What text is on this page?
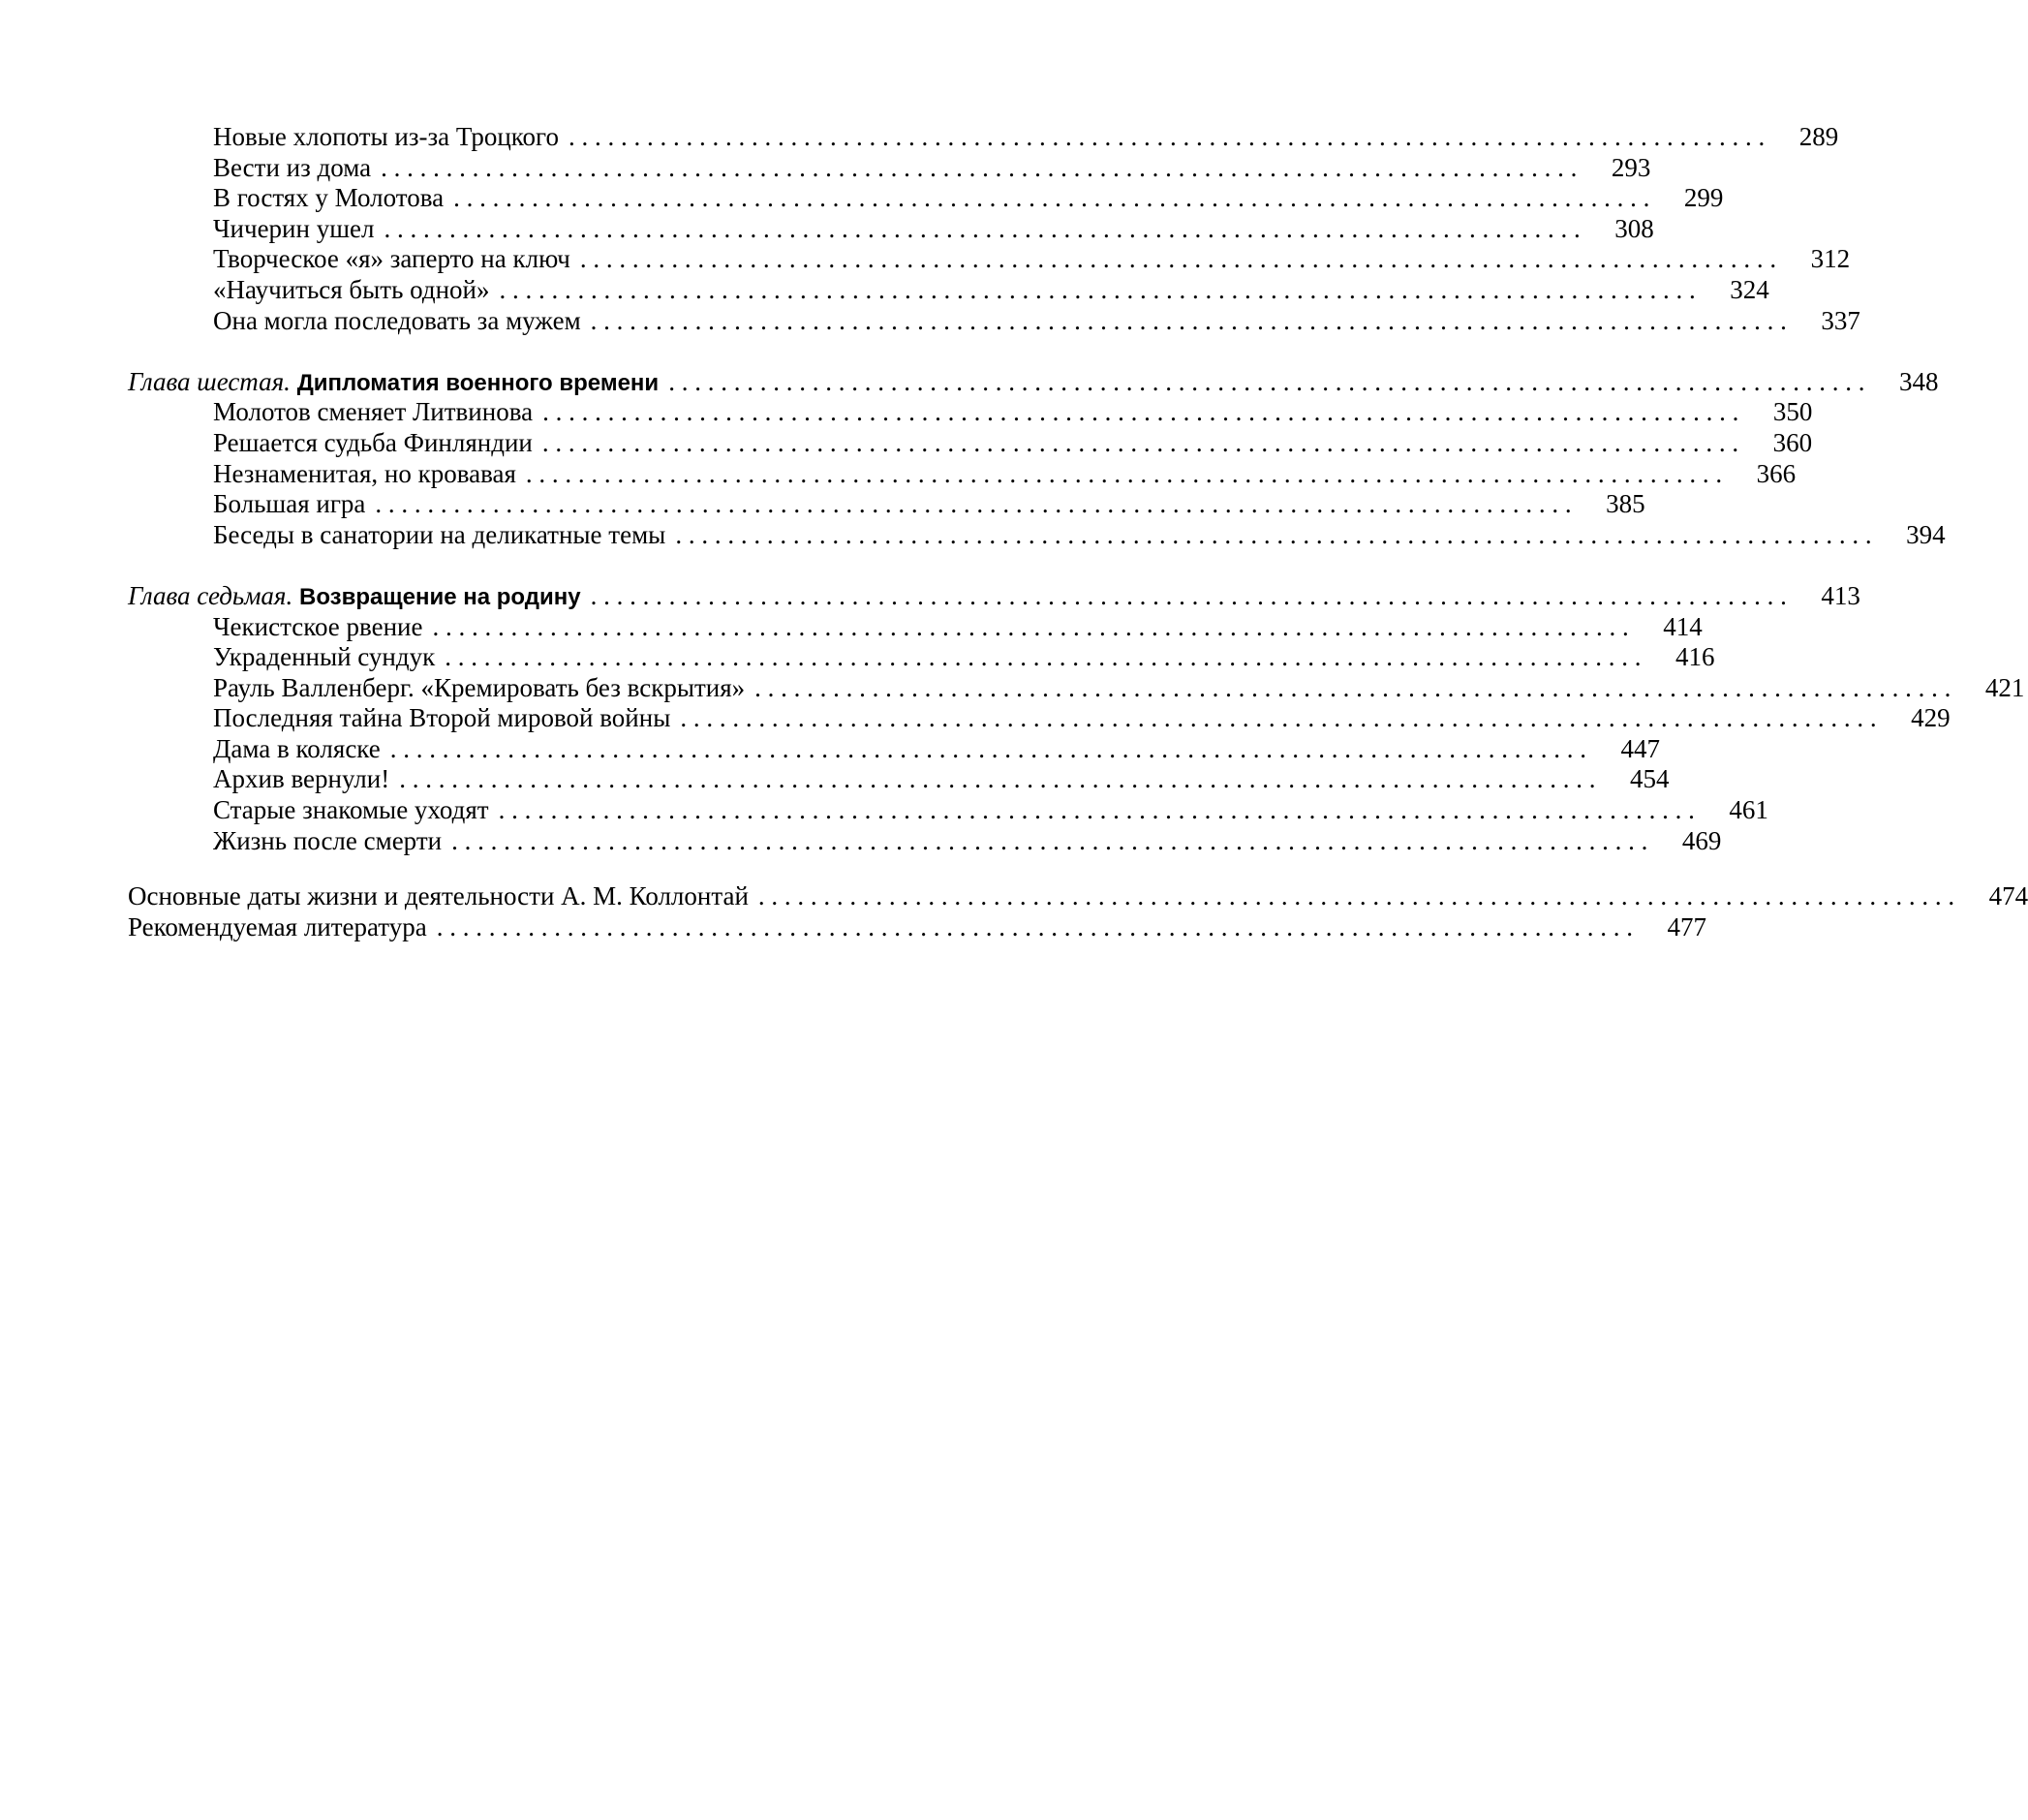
Новые хлопоты из-за Троцкого . . .	289
Вести из дома . . .	293
В гостях у Молотова . . .	299
Чичерин ушел . . .	308
Творческое «я» заперто на ключ . . .	312
«Научиться быть одной» . . .	324
Она могла последовать за мужем . . .	337
Глава шестая. Дипломатия военного времени . . .	348
Молотов сменяет Литвинова . . .	350
Решается судьба Финляндии . . .	360
Незнаменитая, но кровавая . . .	366
Большая игра . . .	385
Беседы в санатории на деликатные темы . . .	394
Глава седьмая. Возвращение на родину . . .	413
Чекистское рвение . . .	414
Украденный сундук . . .	416
Рауль Валленберг. «Кремировать без вскрытия» . . .	421
Последняя тайна Второй мировой войны . . .	429
Дама в коляске . . .	447
Архив вернули! . . .	454
Старые знакомые уходят . . .	461
Жизнь после смерти . . .	469
Основные даты жизни и деятельности А. М. Коллонтай . . .	474
Рекомендуемая литература . . .	477
